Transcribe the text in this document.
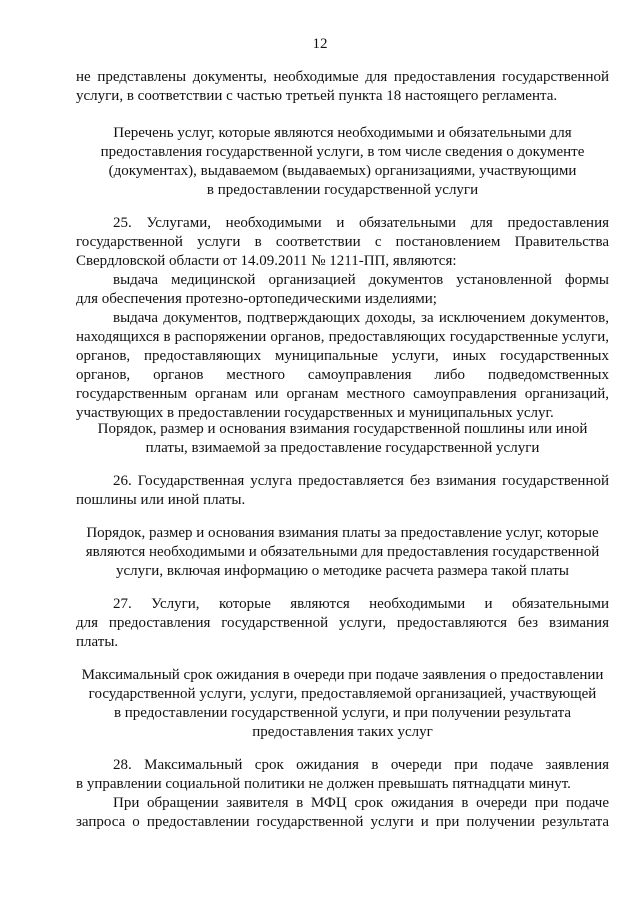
12
не представлены документы, необходимые для предоставления государственной
услуги, в соответствии с частью третьей пункта 18 настоящего регламента.
Перечень услуг, которые являются необходимыми и обязательными для
предоставления государственной услуги, в том числе сведения о документе
(документах), выдаваемом (выдаваемых) организациями, участвующими
в предоставлении государственной услуги
25. Услугами, необходимыми и обязательными для предоставления
государственной услуги в соответствии с постановлением Правительства
Свердловской области от 14.09.2011 № 1211-ПП, являются:
выдача медицинской организацией документов установленной формы
для обеспечения протезно-ортопедическими изделиями;
выдача документов, подтверждающих доходы, за исключением документов,
находящихся в распоряжении органов, предоставляющих государственные услуги,
органов, предоставляющих муниципальные услуги, иных государственных
органов, органов местного самоуправления либо подведомственных
государственным органам или органам местного самоуправления организаций,
участвующих в предоставлении государственных и муниципальных услуг.
Порядок, размер и основания взимания государственной пошлины или иной
платы, взимаемой за предоставление государственной услуги
26. Государственная услуга предоставляется без взимания государственной
пошлины или иной платы.
Порядок, размер и основания взимания платы за предоставление услуг, которые
являются необходимыми и обязательными для предоставления государственной
услуги, включая информацию о методике расчета размера такой платы
27. Услуги, которые являются необходимыми и обязательными
для предоставления государственной услуги, предоставляются без взимания
платы.
Максимальный срок ожидания в очереди при подаче заявления о предоставлении
государственной услуги, услуги, предоставляемой организацией, участвующей
в предоставлении государственной услуги, и при получении результата
предоставления таких услуг
28. Максимальный срок ожидания в очереди при подаче заявления
в управлении социальной политики не должен превышать пятнадцати минут.
При обращении заявителя в МФЦ срок ожидания в очереди при подаче
запроса о предоставлении государственной услуги и при получении результата
